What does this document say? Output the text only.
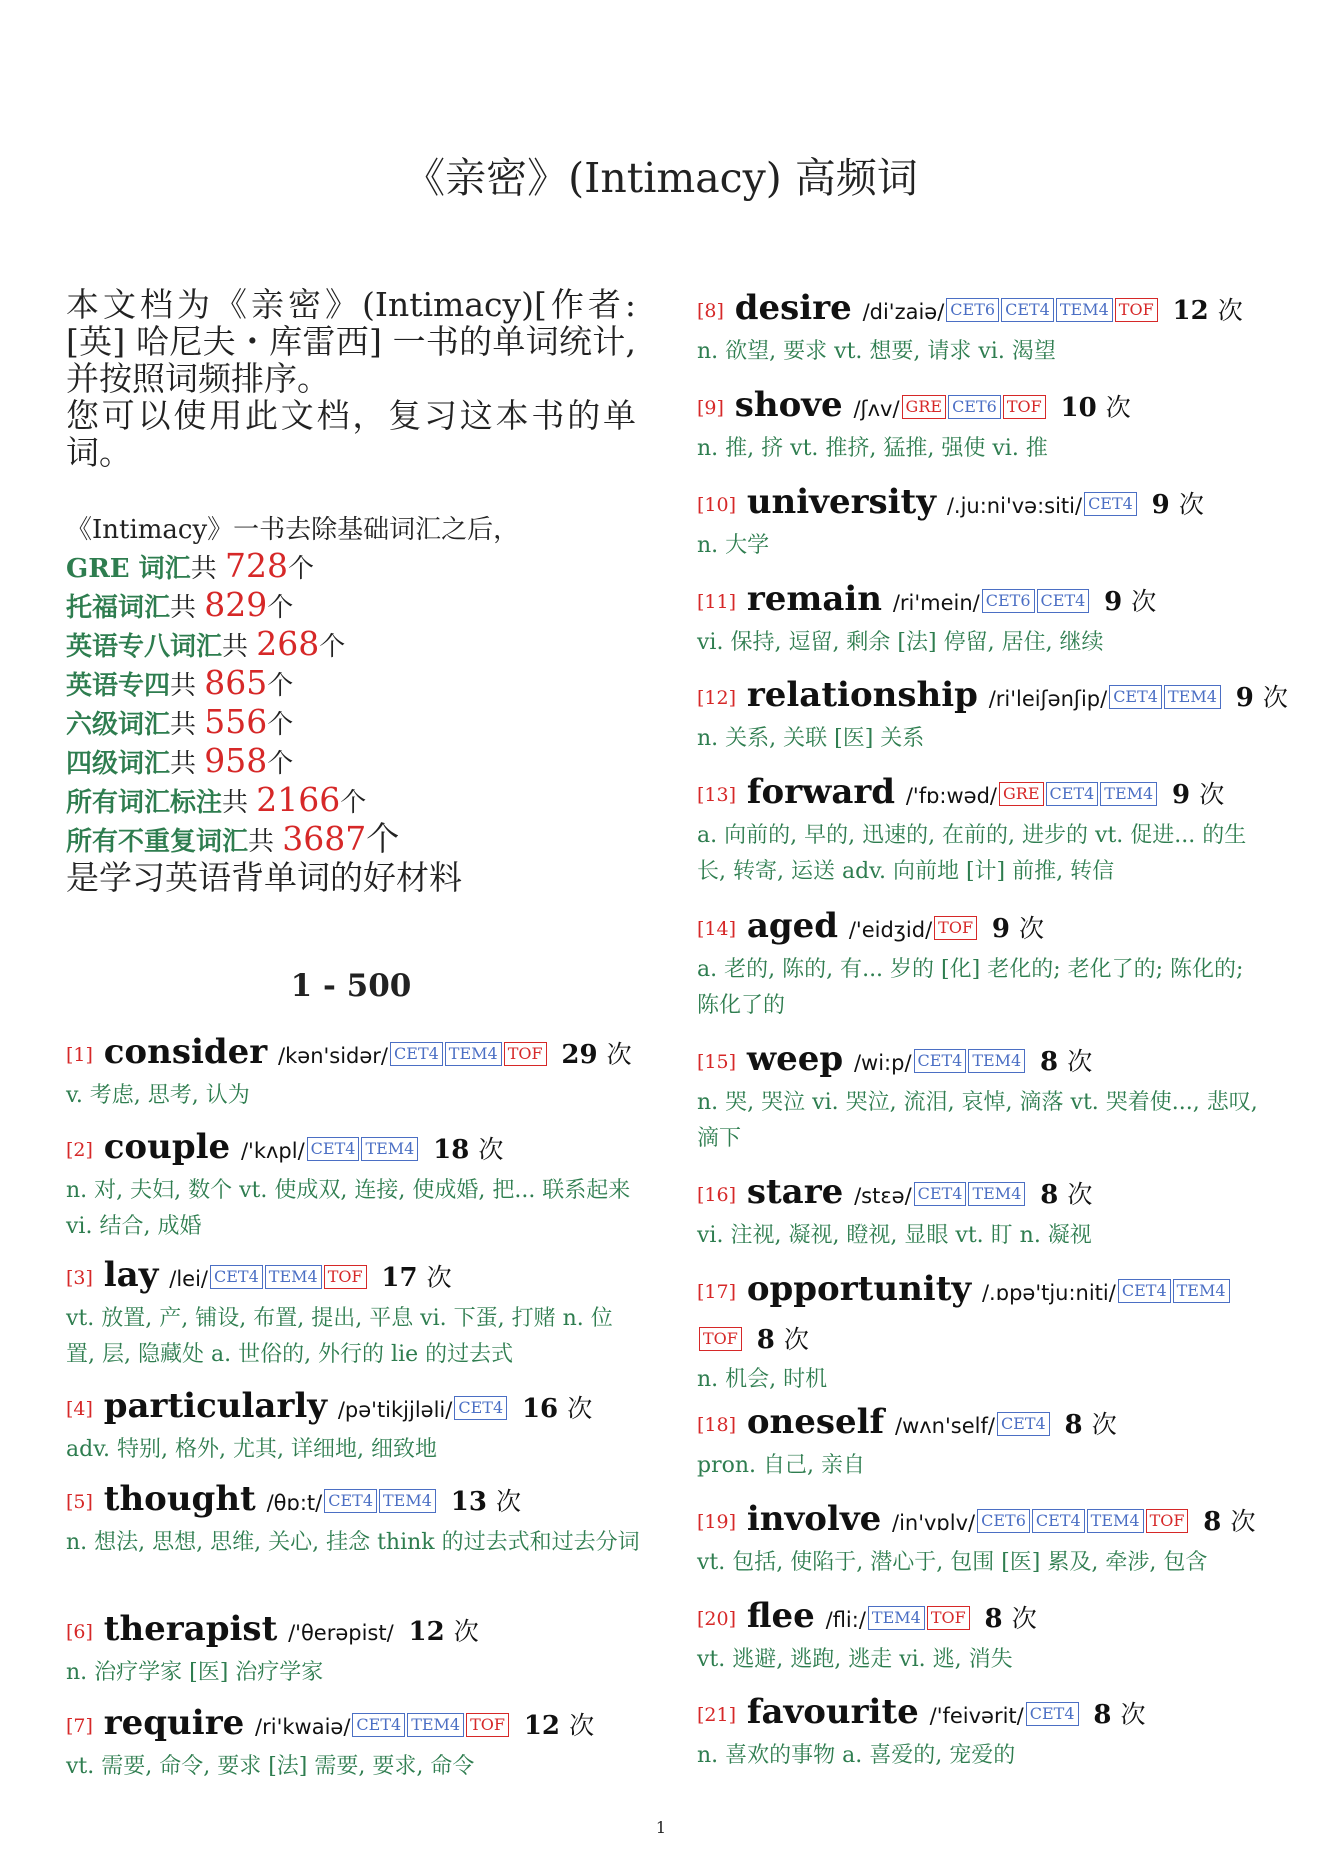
《亲密》(Intimacy) 高频词
本文档为《亲密》(Intimacy)[作者:
[英] 哈尼夫・库雷西] 一书的单词统计,
并按照词频排序。
您可以使用此文档，复习这本书的单
词。
《Intimacy》一书去除基础词汇之后，
GRE 词汇共 728个
托福词汇共 829个
英语专八词汇共 268个
英语专四共 865个
六级词汇共 556个
四级词汇共 958个
所有词汇标注共 2166个
所有不重复词汇共 3687个
是学习英语背单词的好材料
1 - 500
[1] consider /kən'sidər/ CET4 TEM4 TOF 29 次
v. 考虑, 思考, 认为
[2] couple /'kʌpl/ CET4 TEM4 18 次
n. 对, 夫妇, 数个 vt. 使成双, 连接, 使成婚, 把... 联系起来 vi. 结合, 成婚
[3] lay /lei/ CET4 TEM4 TOF 17 次
vt. 放置, 产, 铺设, 布置, 提出, 平息 vi. 下蛋, 打赌 n. 位置, 层, 隐藏处 a. 世俗的, 外行的 lie 的过去式
[4] particularly /pə'tikjjləli/ CET4 16 次
adv. 特别, 格外, 尤其, 详细地, 细致地
[5] thought /θɒ:t/ CET4 TEM4 13 次
n. 想法, 思想, 思维, 关心, 挂念 think 的过去式和过去分词
[6] therapist /'θerəpist/ 12 次
n. 治疗学家 [医] 治疗学家
[7] require /ri'kwaiə/ CET4 TEM4 TOF 12 次
vt. 需要, 命令, 要求 [法] 需要, 要求, 命令
[8] desire /di'zaiə/ CET6 CET4 TEM4 TOF 12 次
n. 欲望, 要求 vt. 想要, 请求 vi. 渴望
[9] shove /ʃʌv/ GRE CET6 TOF 10 次
n. 推, 挤 vt. 推挤, 猛推, 强使 vi. 推
[10] university /.ju:ni'və:siti/ CET4 9 次
n. 大学
[11] remain /ri'mein/ CET6 CET4 9 次
vi. 保持, 逗留, 剩余 [法] 停留, 居住, 继续
[12] relationship /ri'leiʃənʃip/ CET4 TEM4 9 次
n. 关系, 关联 [医] 关系
[13] forward /'fɒ:wəd/ GRE CET4 TEM4 9 次
a. 向前的, 早的, 迅速的, 在前的, 进步的 vt. 促进... 的生长, 转寄, 运送 adv. 向前地 [计] 前推, 转信
[14] aged /'eidʒid/ TOF 9 次
a. 老的, 陈的, 有... 岁的 [化] 老化的; 老化了的; 陈化的; 陈化了的
[15] weep /wi:p/ CET4 TEM4 8 次
n. 哭, 哭泣 vi. 哭泣, 流泪, 哀悼, 滴落 vt. 哭着使..., 悲叹, 滴下
[16] stare /stɛə/ CET4 TEM4 8 次
vi. 注视, 凝视, 瞪视, 显眼 vt. 盯 n. 凝视
[17] opportunity /.ɒpə'tju:niti/ CET4 TEM4TOF 8 次
n. 机会, 时机
[18] oneself /wʌn'self/ CET4 8 次
pron. 自己, 亲自
[19] involve /in'vɒlv/ CET6 CET4 TEM4 TOF 8 次
vt. 包括, 使陷于, 潜心于, 包围 [医] 累及, 牵涉, 包含
[20] flee /fli:/ TEM4 TOF 8 次
vt. 逃避, 逃跑, 逃走 vi. 逃, 消失
[21] favourite /'feivərit/ CET4 8 次
n. 喜欢的事物 a. 喜爱的, 宠爱的
1
